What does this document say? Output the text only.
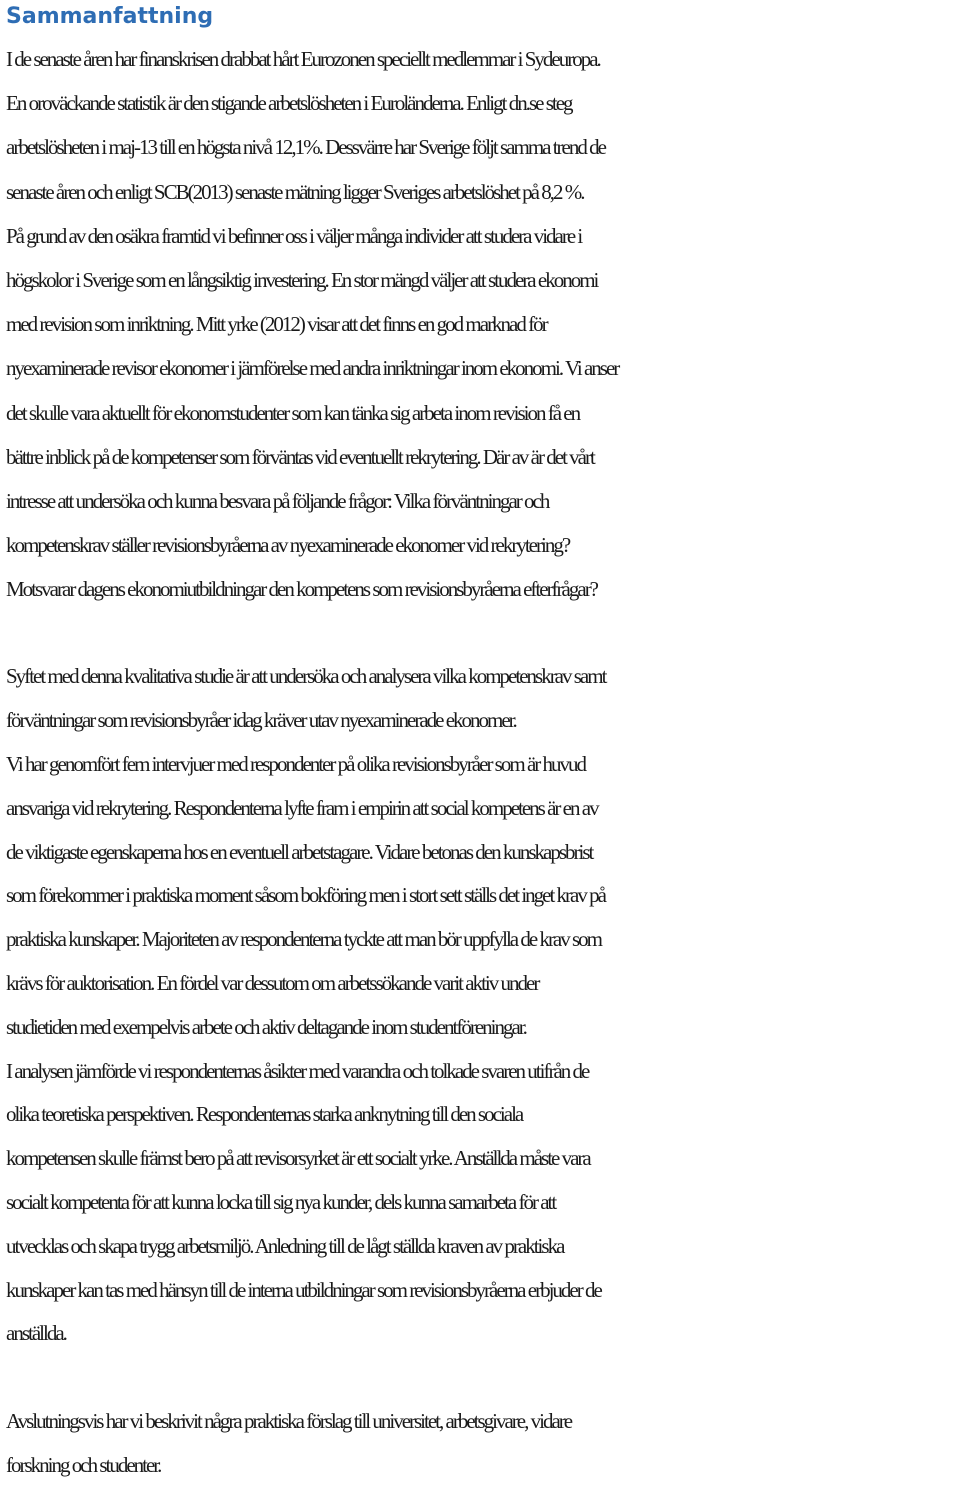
Sammanfattning
I de senaste åren har finanskrisen drabbat hårt Eurozonen speciellt medlemmar i Sydeuropa.
En oroväckande statistik är den stigande arbetslösheten i Euroländerna. Enligt dn.se steg
arbetslösheten i maj-13 till en högsta nivå 12,1%. Dessvärre har Sverige följt samma trend de
senaste åren och enligt SCB(2013) senaste mätning ligger Sveriges arbetslöshet på 8,2 %.
På grund av den osäkra framtid vi befinner oss i väljer många individer att studera vidare i
högskolor i Sverige som en långsiktig investering. En stor mängd väljer att studera ekonomi
med revision som inriktning. Mitt yrke (2012) visar att det finns en god marknad för
nyexaminerade revisor ekonomer i jämförelse med andra inriktningar inom ekonomi. Vi anser
det skulle vara aktuellt för ekonomstudenter som kan tänka sig arbeta inom revision få en
bättre inblick på de kompetenser som förväntas vid eventuellt rekrytering. Där av är det vårt
intresse att undersöka och kunna besvara på följande frågor: Vilka förväntningar och
kompetenskrav ställer revisionsbyråerna av nyexaminerade ekonomer vid rekrytering?
Motsvarar dagens ekonomiutbildningar den kompetens som revisionsbyråerna efterfrågar?
Syftet med denna kvalitativa studie är att undersöka och analysera vilka kompetenskrav samt
förväntningar som revisionsbyråer idag kräver utav nyexaminerade ekonomer.
Vi har genomfört fem intervjuer med respondenter på olika revisionsbyråer som är huvud
ansvariga vid rekrytering. Respondenterna lyfte fram i empirin att social kompetens är en av
de viktigaste egenskaperna hos en eventuell arbetstagare. Vidare betonas den kunskapsbrist
som förekommer i praktiska moment såsom bokföring men i stort sett ställs det inget krav på
praktiska kunskaper. Majoriteten av respondenterna tyckte att man bör uppfylla de krav som
krävs för auktorisation. En fördel var dessutom om arbetssökande varit aktiv under
studietiden med exempelvis arbete och aktiv deltagande inom studentföreningar.
I analysen jämförde vi respondenternas åsikter med varandra och tolkade svaren utifrån de
olika teoretiska perspektiven. Respondenternas starka anknytning till den sociala
kompetensen skulle främst bero på att revisorsyrket är ett socialt yrke. Anställda måste vara
socialt kompetenta för att kunna locka till sig nya kunder, dels kunna samarbeta för att
utvecklas och skapa trygg arbetsmiljö. Anledning till de lågt ställda kraven av praktiska
kunskaper kan tas med hänsyn till de interna utbildningar som revisionsbyråerna erbjuder de
anställda.
Avslutningsvis har vi beskrivit några praktiska förslag till universitet, arbetsgivare, vidare
forskning och studenter.
